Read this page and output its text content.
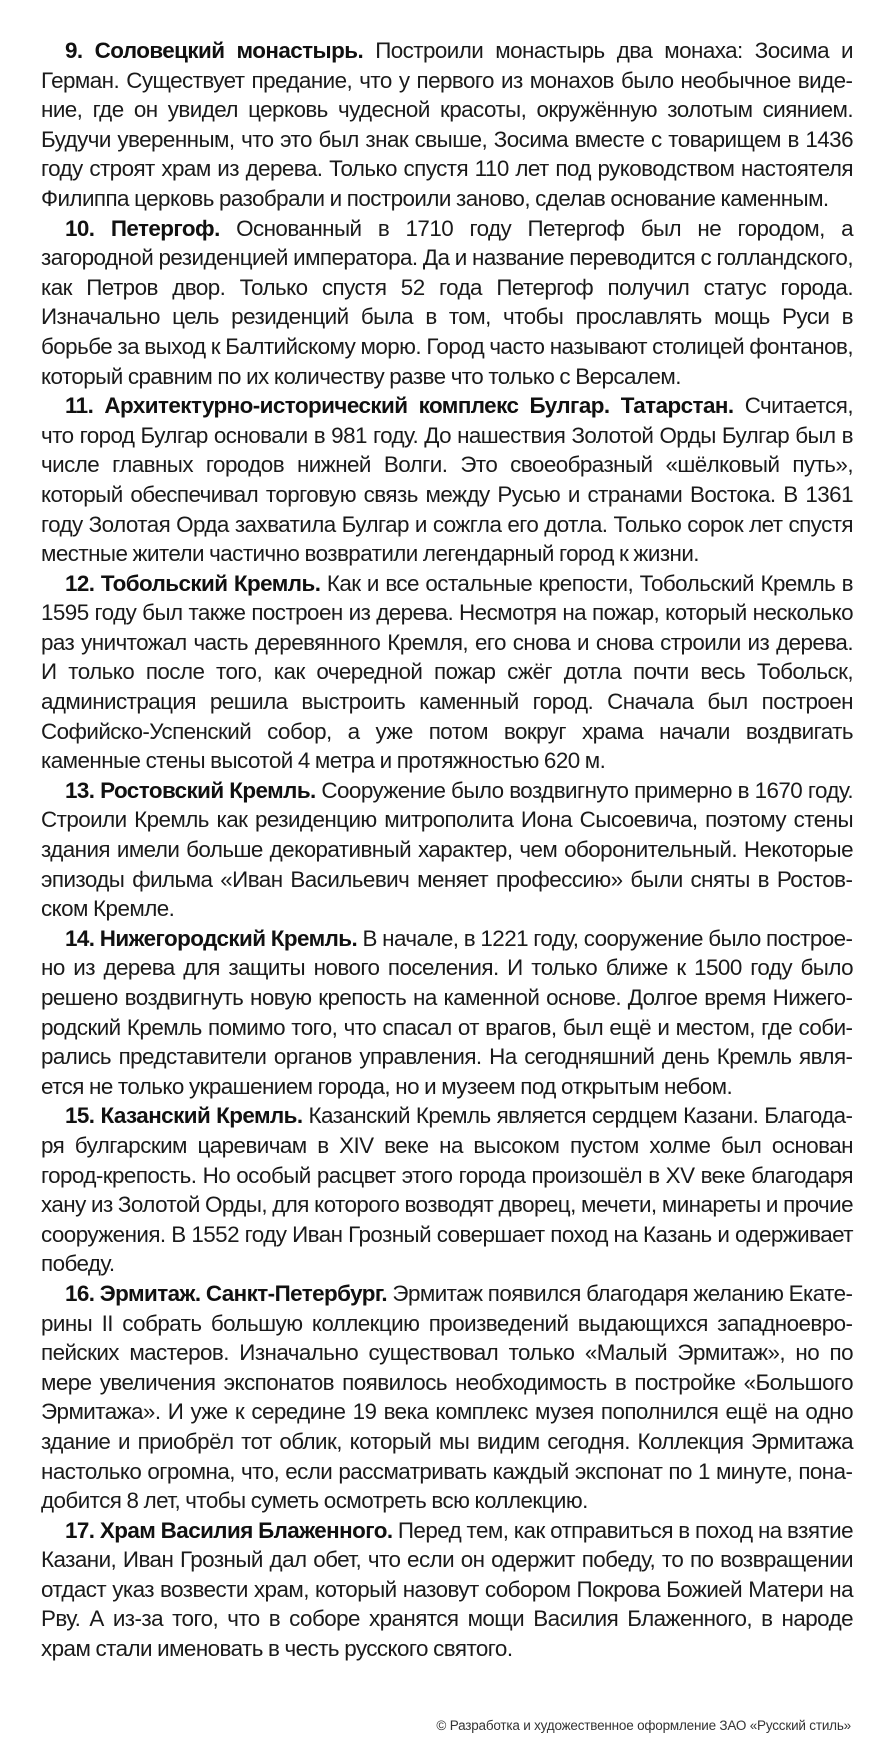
9. Соловецкий монастырь. Построили монастырь два монаха: Зосима и Герман. Существует предание, что у первого из монахов было необычное видение, где он увидел церковь чудесной красоты, окружённую золотым сиянием. Будучи уверенным, что это был знак свыше, Зосима вместе с товарищем в 1436 году строят храм из дерева. Только спустя 110 лет под руководством настоятеля Филиппа церковь разобрали и построили заново, сделав основание каменным.

10. Петергоф. Основанный в 1710 году Петергоф был не городом, а загородной резиденцией императора. Да и название переводится с голландского, как Петров двор. Только спустя 52 года Петергоф получил статус города. Изначально цель резиденций была в том, чтобы прославлять мощь Руси в борьбе за выход к Балтийскому морю. Город часто называют столицей фонтанов, который сравним по их количеству разве что только с Версалем.

11. Архитектурно-исторический комплекс Булгар. Татарстан. Считается, что город Булгар основали в 981 году. До нашествия Золотой Орды Булгар был в числе главных городов нижней Волги. Это своеобразный «шёлковый путь», который обеспечивал торговую связь между Русью и странами Востока. В 1361 году Золотая Орда захватила Булгар и сожгла его дотла. Только сорок лет спустя местные жители частично возвратили легендарный город к жизни.

12. Тобольский Кремль. Как и все остальные крепости, Тобольский Кремль в 1595 году был также построен из дерева. Несмотря на пожар, который несколько раз уничтожал часть деревянного Кремля, его снова и снова строили из дерева. И только после того, как очередной пожар сжёг дотла почти весь Тобольск, администрация решила выстроить каменный город. Сначала был построен Софийско-Успенский собор, а уже потом вокруг храма начали воздвигать каменные стены высотой 4 метра и протяжностью 620 м.

13. Ростовский Кремль. Сооружение было воздвигнуто примерно в 1670 году. Строили Кремль как резиденцию митрополита Иона Сысоевича, поэтому стены здания имели больше декоративный характер, чем оборонительный. Некоторые эпизоды фильма «Иван Васильевич меняет профессию» были сняты в Ростовском Кремле.

14. Нижегородский Кремль. В начале, в 1221 году, сооружение было построено из дерева для защиты нового поселения. И только ближе к 1500 году было решено воздвигнуть новую крепость на каменной основе. Долгое время Нижегородский Кремль помимо того, что спасал от врагов, был ещё и местом, где собирались представители органов управления. На сегодняшний день Кремль является не только украшением города, но и музеем под открытым небом.

15. Казанский Кремль. Казанский Кремль является сердцем Казани. Благодаря булгарским царевичам в XIV веке на высоком пустом холме был основан город-крепость. Но особый расцвет этого города произошёл в XV веке благодаря хану из Золотой Орды, для которого возводят дворец, мечети, минареты и прочие сооружения. В 1552 году Иван Грозный совершает поход на Казань и одерживает победу.

16. Эрмитаж. Санкт-Петербург. Эрмитаж появился благодаря желанию Екатерины II собрать большую коллекцию произведений выдающихся западноевропейских мастеров. Изначально существовал только «Малый Эрмитаж», но по мере увеличения экспонатов появилось необходимость в постройке «Большого Эрмитажа». И уже к середине 19 века комплекс музея пополнился ещё на одно здание и приобрёл тот облик, который мы видим сегодня. Коллекция Эрмитажа настолько огромна, что, если рассматривать каждый экспонат по 1 минуте, понадобится 8 лет, чтобы суметь осмотреть всю коллекцию.

17. Храм Василия Блаженного. Перед тем, как отправиться в поход на взятие Казани, Иван Грозный дал обет, что если он одержит победу, то по возвращении отдаст указ возвести храм, который назовут собором Покрова Божией Матери на Рву. А из-за того, что в соборе хранятся мощи Василия Блаженного, в народе храм стали именовать в честь русского святого.

© Разработка и художественное оформление ЗАО «Русский стиль»
